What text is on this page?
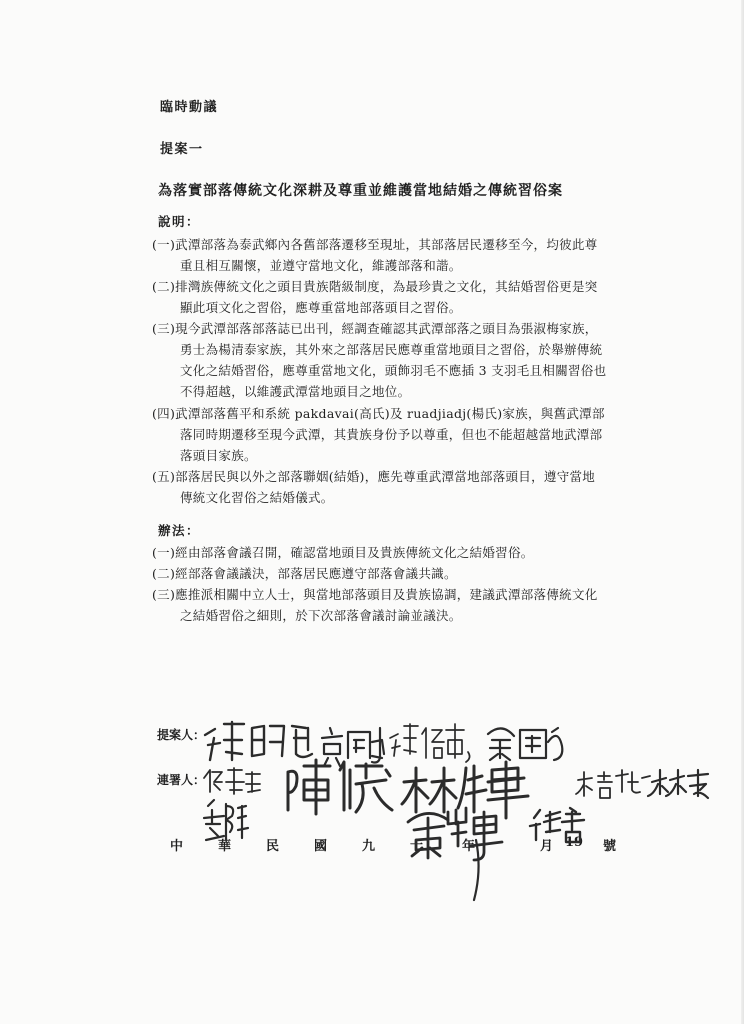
臨時動議
提案一
為落實部落傳統文化深耕及尊重並維護當地結婚之傳統習俗案
說明：
(一)武潭部落為泰武鄉內各舊部落遷移至現址，其部落居民遷移至今，均彼此尊
重且相互關懷，並遵守當地文化，維護部落和諧。
(二)排灣族傳統文化之頭目貴族階級制度，為最珍貴之文化，其結婚習俗更是突
顯此項文化之習俗，應尊重當地部落頭目之習俗。
(三)現今武潭部落部落誌已出刊，經調查確認其武潭部落之頭目為張淑梅家族，
勇士為楊清泰家族，其外來之部落居民應尊重當地頭目之習俗，於舉辦傳統
文化之結婚習俗，應尊重當地文化，頭飾羽毛不應插 3 支羽毛且相關習俗也
不得超越，以維護武潭當地頭目之地位。
(四)武潭部落舊平和系統 pakdavai(高氏)及 ruadjiadj(楊氏)家族，與舊武潭部
落同時期遷移至現今武潭，其貴族身份予以尊重，但也不能超越當地武潭部
落頭目家族。
(五)部落居民與以外之部落聯姻(結婚)，應先尊重武潭當地部落頭目，遵守當地
傳統文化習俗之結婚儀式。
辦法：
(一)經由部落會議召開，確認當地頭目及貴族傳統文化之結婚習俗。
(二)經部落會議議決，部落居民應遵守部落會議共識。
(三)應推派相關中立人士，與當地部落頭目及貴族協調，建議武潭部落傳統文化
之結婚習俗之細則，於下次部落會議討論並議決。
提案人：
連署人：
中	華	民	國	九	十	年	月 19 號
